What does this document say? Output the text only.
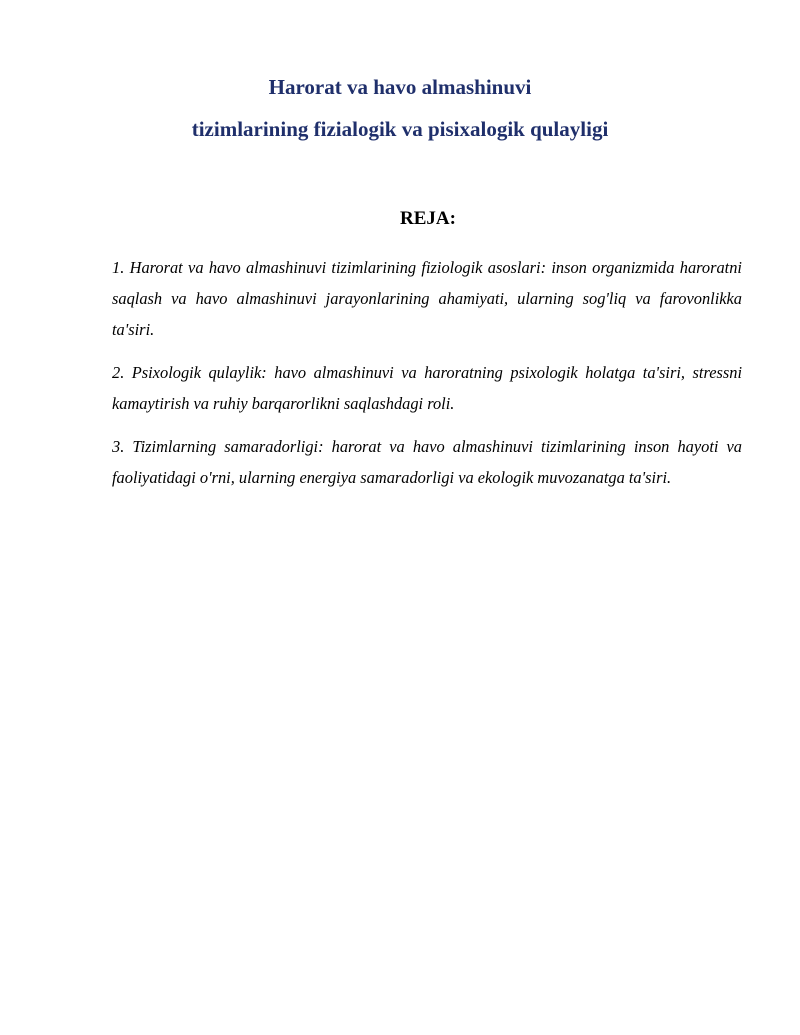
Harorat va havo almashinuvi
tizimlarining fizialogik va pisixalogik qulayligi
REJA:
1. Harorat va havo almashinuvi tizimlarining fiziologik asoslari: inson organizmida haroratni saqlash va havo almashinuvi jarayonlarining ahamiyati, ularning sog'liq va farovonlikka ta'siri.
2. Psixologik qulaylik: havo almashinuvi va haroratning psixologik holatga ta'siri, stressni kamaytirish va ruhiy barqarorlikni saqlashdagi roli.
3. Tizimlarning samaradorligi: harorat va havo almashinuvi tizimlarining inson hayoti va faoliyatidagi o'rni, ularning energiya samaradorligi va ekologik muvozanatga ta'siri.
